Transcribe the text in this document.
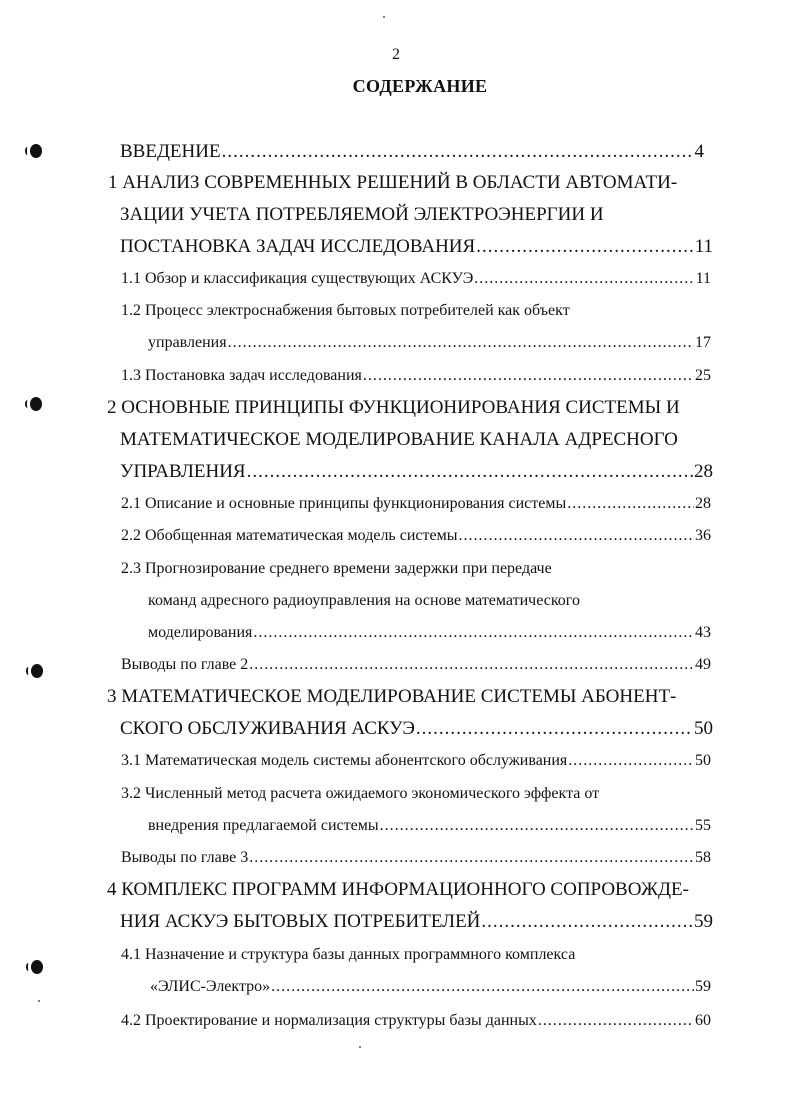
2
СОДЕРЖАНИЕ
ВВЕДЕНИЕ .....	4
1 АНАЛИЗ СОВРЕМЕННЫХ РЕШЕНИЙ В ОБЛАСТИ АВТОМАТИ-
ЗАЦИИ УЧЕТА ПОТРЕБЛЯЕМОЙ ЭЛЕКТРОЭНЕРГИИ И
ПОСТАНОВКА ЗАДАЧ ИССЛЕДОВАНИЯ .....	11
1.1 Обзор и классификация существующих АСКУЭ .....	11
1.2 Процесс электроснабжения бытовых потребителей как объект
управления .....	17
1.3 Постановка задач исследования .....	25
2 ОСНОВНЫЕ ПРИНЦИПЫ ФУНКЦИОНИРОВАНИЯ СИСТЕМЫ И
МАТЕМАТИЧЕСКОЕ МОДЕЛИРОВАНИЕ КАНАЛА АДРЕСНОГО
УПРАВЛЕНИЯ .....	28
2.1 Описание и основные принципы функционирования системы .....	28
2.2 Обобщенная математическая модель системы .....	36
2.3 Прогнозирование среднего времени задержки при передаче
команд адресного радиоуправления на основе математического
моделирования .....	43
Выводы по главе 2 .....	49
3 МАТЕМАТИЧЕСКОЕ МОДЕЛИРОВАНИЕ СИСТЕМЫ АБОНЕНТ-
СКОГО ОБСЛУЖИВАНИЯ АСКУЭ .....	50
3.1 Математическая модель системы абонентского обслуживания .....	50
3.2 Численный метод расчета ожидаемого экономического эффекта от
внедрения предлагаемой системы .....	55
Выводы по главе 3 .....	58
4 КОМПЛЕКС ПРОГРАММ ИНФОРМАЦИОННОГО СОПРОВОЖДЕ-
НИЯ АСКУЭ БЫТОВЫХ ПОТРЕБИТЕЛЕЙ .....	59
4.1 Назначение и структура базы данных программного комплекса
«ЭЛИС-Электро» .....	59
4.2 Проектирование и нормализация структуры базы данных .....	60
